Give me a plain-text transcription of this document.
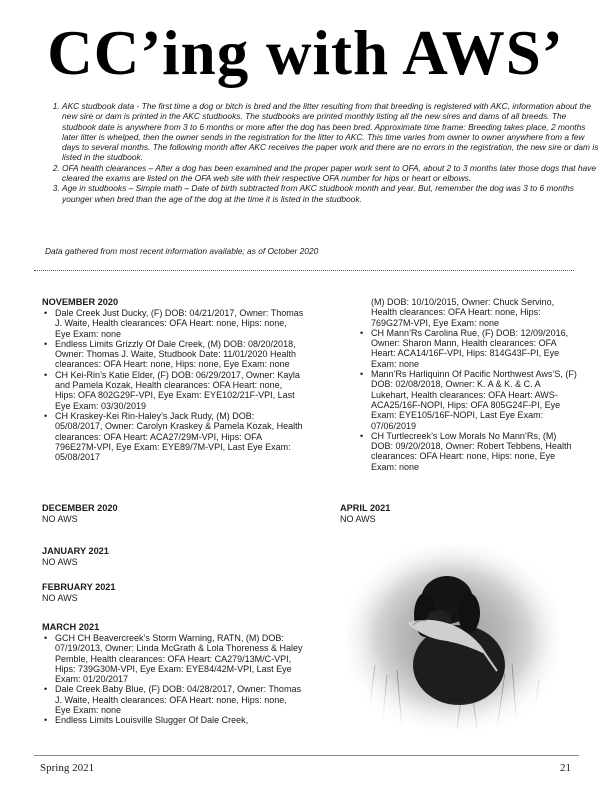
CC’ing with AWS’
1. AKC studbook data - The first time a dog or bitch is bred and the litter resulting from that breeding is registered with AKC, information about the new sire or dam is printed in the AKC studbooks. The studbooks are printed monthly listing all the new sires and dams of all breeds. The studbook date is anywhere from 3 to 6 months or more after the dog has been bred. Approximate time frame: Breeding takes place, 2 months later litter is whelped, then the owner sends in the registration for the litter to AKC. This time varies from owner to owner anywhere from a few days to several months. The following month after AKC receives the paper work and there are no errors in the registration, the new sire or dam is listed in the studbook.
2. OFA health clearances – After a dog has been examined and the proper paper work sent to OFA, about 2 to 3 months later those dogs that have cleared the exams are listed on the OFA web site with their respective OFA number for hips or heart or elbows.
3. Age in studbooks – Simple math – Date of birth subtracted from AKC studbook month and year. But, remember the dog was 3 to 6 months younger when bred than the age of the dog at the time it is listed in the studbook.
Data gathered from most recent information available; as of October 2020
NOVEMBER 2020
• Dale Creek Just Ducky, (F) DOB: 04/21/2017, Owner: Thomas J. Waite, Health clearances: OFA Heart: none, Hips: none, Eye Exam: none
• Endless Limits Grizzly Of Dale Creek, (M) DOB: 08/20/2018, Owner: Thomas J. Waite, Studbook Date: 11/01/2020 Health clearances: OFA Heart: none, Hips: none, Eye Exam: none
• CH Kei-Rin’s Katie Elder, (F) DOB: 06/29/2017, Owner: Kayla and Pamela Kozak, Health clearances: OFA Heart: none, Hips: OFA 802G29F-VPI, Eye Exam: EYE102/21F-VPI, Last Eye Exam: 03/30/2019
• CH Kraskey-Kei Rin-Haley’s Jack Rudy, (M) DOB: 05/08/2017, Owner: Carolyn Kraskey & Pamela Kozak, Health clearances: OFA Heart: ACA27/29M-VPI, Hips: OFA 796E27M-VPI, Eye Exam: EYE89/7M-VPI, Last Eye Exam: 05/08/2017
DECEMBER 2020
NO AWS
JANUARY 2021
NO AWS
FEBRUARY 2021
NO AWS
MARCH 2021
• GCH CH Beavercreek’s Storm Warning, RATN, (M) DOB: 07/19/2013, Owner: Linda McGrath & Lola Thoreness & Haley Pemble, Health clearances: OFA Heart: CA279/13M/C-VPI, Hips: 739G30M-VPI, Eye Exam: EYE84/42M-VPI, Last Eye Exam: 01/20/2017
• Dale Creek Baby Blue, (F) DOB: 04/28/2017, Owner: Thomas J. Waite, Health clearances: OFA Heart: none, Hips: none, Eye Exam: none
• Endless Limits Louisville Slugger Of Dale Creek,
(M) DOB: 10/10/2015, Owner: Chuck Servino, Health clearances: OFA Heart: none, Hips: 769G27M-VPI, Eye Exam: none
• CH Mann’Rs Carolina Rue, (F) DOB: 12/09/2016, Owner: Sharon Mann, Health clearances: OFA Heart: ACA14/16F-VPI, Hips: 814G43F-PI, Eye Exam: none
• Mann’Rs Harliquinn Of Pacific Northwest Aws’S, (F) DOB: 02/08/2018, Owner: K. A & K. & C. A Lukehart, Health clearances: OFA Heart: AWS-ACA25/16F-NOPI, Hips: OFA 805G24F-PI, Eye Exam: EYE105/16F-NOPI, Last Eye Exam: 07/06/2019
• CH Turtlecreek’s Low Morals No Mann’Rs, (M) DOB: 09/20/2018, Owner: Robert Tebbens, Health clearances: OFA Heart: none, Hips: none, Eye Exam: none
APRIL 2021
NO AWS
Spring 2021	21
